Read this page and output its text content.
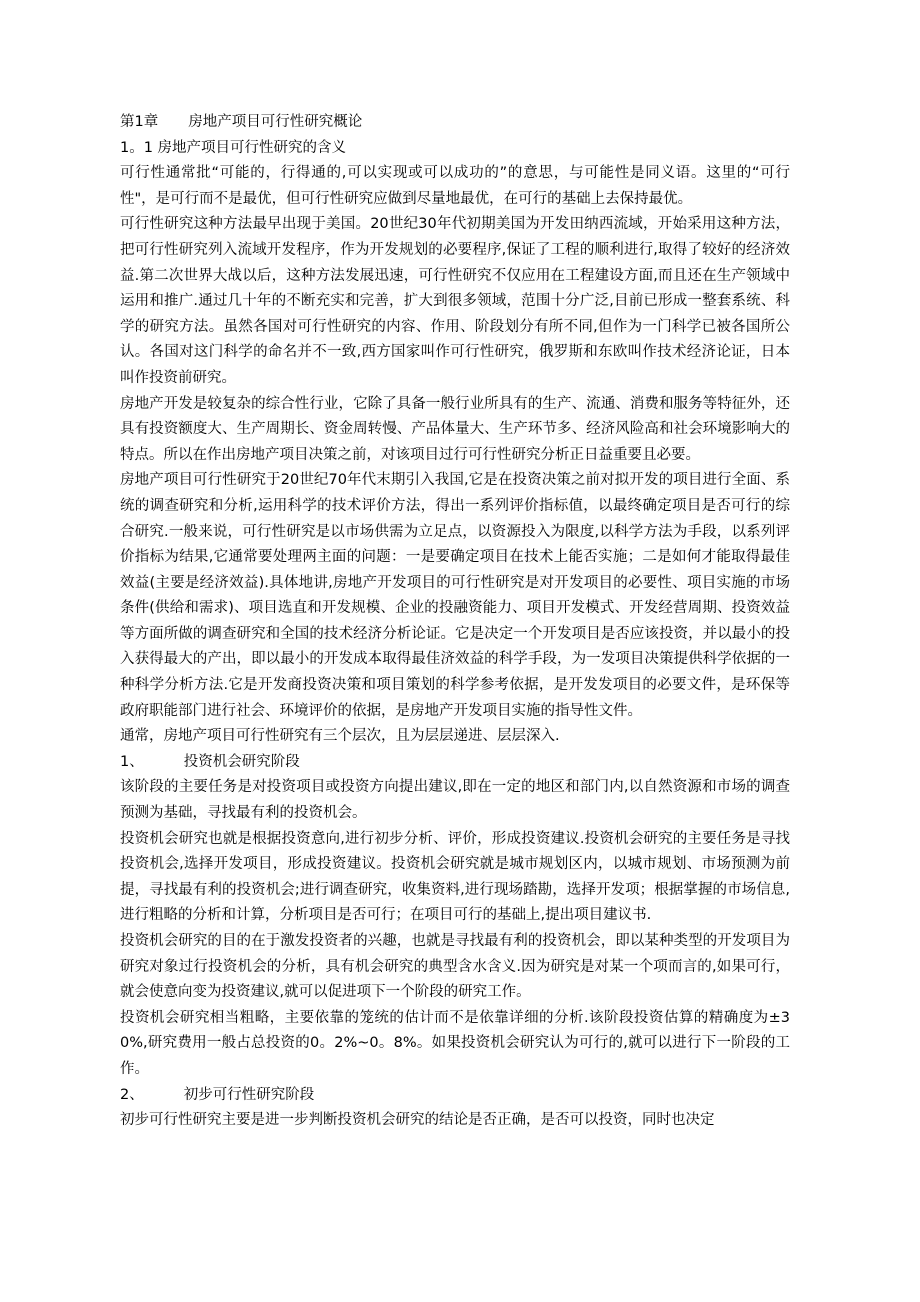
第1章 房地产项目可行性研究概论
1。1 房地产项目可行性研究的含义

可行性通常批“可能的，行得通的,可以实现或可以成功的”的意思，与可能性是同义语。这里的“可行性"，是可行而不是最优，但可行性研究应做到尽量地最优，在可行的基础上去保持最优。

可行性研究这种方法最早出现于美国。20世纪30年代初期美国为开发田纳西流域，开始采用这种方法，把可行性研究列入流域开发程序，作为开发规划的必要程序,保证了工程的顺利进行,取得了较好的经济效益.第二次世界大战以后，这种方法发展迅速，可行性研究不仅应用在工程建设方面,而且还在生产领域中运用和推广.通过几十年的不断充实和完善，扩大到很多领域，范围十分广泛,目前已形成一整套系统、科学的研究方法。虽然各国对可行性研究的内容、作用、阶段划分有所不同,但作为一门科学已被各国所公认。各国对这门科学的命名并不一致,西方国家叫作可行性研究，俄罗斯和东欧叫作技术经济论证，日本叫作投资前研究。

房地产开发是较复杂的综合性行业，它除了具备一般行业所具有的生产、流通、消费和服务等特征外，还具有投资额度大、生产周期长、资金周转慢、产品体量大、生产环节多、经济风险高和社会环境影响大的特点。所以在作出房地产项目决策之前，对该项目过行可行性研究分析正日益重要且必要。

房地产项目可行性研究于20世纪70年代末期引入我国,它是在投资决策之前对拟开发的项目进行全面、系统的调查研究和分析,运用科学的技术评价方法，得出一系列评价指标值，以最终确定项目是否可行的综合研究.一般来说，可行性研究是以市场供需为立足点，以资源投入为限度,以科学方法为手段，以系列评价指标为结果,它通常要处理两主面的问题：一是要确定项目在技术上能否实施；二是如何才能取得最佳效益(主要是经济效益).具体地讲,房地产开发项目的可行性研究是对开发项目的必要性、项目实施的市场条件(供给和需求)、项目选直和开发规模、企业的投融资能力、项目开发模式、开发经营周期、投资效益等方面所做的调查研究和全国的技术经济分析论证。它是决定一个开发项目是否应该投资，并以最小的投入获得最大的产出，即以最小的开发成本取得最佳济效益的科学手段，为一发项目决策提供科学依据的一种科学分析方法.它是开发商投资决策和项目策划的科学参考依据，是开发发项目的必要文件，是环保等政府职能部门进行社会、环境评价的依据，是房地产开发项目实施的指导性文件。

通常，房地产项目可行性研究有三个层次，且为层层递进、层层深入.

1、	投资机会研究阶段

该阶段的主要任务是对投资项目或投资方向提出建议,即在一定的地区和部门内,以自然资源和市场的调查预测为基础，寻找最有利的投资机会。

投资机会研究也就是根据投资意向,进行初步分析、评价，形成投资建议.投资机会研究的主要任务是寻找投资机会,选择开发项目，形成投资建议。投资机会研究就是城市规划区内，以城市规划、市场预测为前提，寻找最有利的投资机会;进行调查研究，收集资料,进行现场踏勘，选择开发项；根据掌握的市场信息,进行粗略的分析和计算，分析项目是否可行；在项目可行的基础上,提出项目建议书.

投资机会研究的目的在于激发投资者的兴趣，也就是寻找最有利的投资机会，即以某种类型的开发项目为研究对象过行投资机会的分析，具有机会研究的典型含水含义.因为研究是对某一个项而言的,如果可行，就会使意向变为投资建议,就可以促进项下一个阶段的研究工作。

投资机会研究相当粗略，主要依靠的笼统的估计而不是依靠详细的分析.该阶段投资估算的精确度为±30%,研究费用一般占总投资的0。2%~0。8%。如果投资机会研究认为可行的,就可以进行下一阶段的工作。

2、	初步可行性研究阶段

初步可行性研究主要是进一步判断投资机会研究的结论是否正确，是否可以投资，同时也决定
